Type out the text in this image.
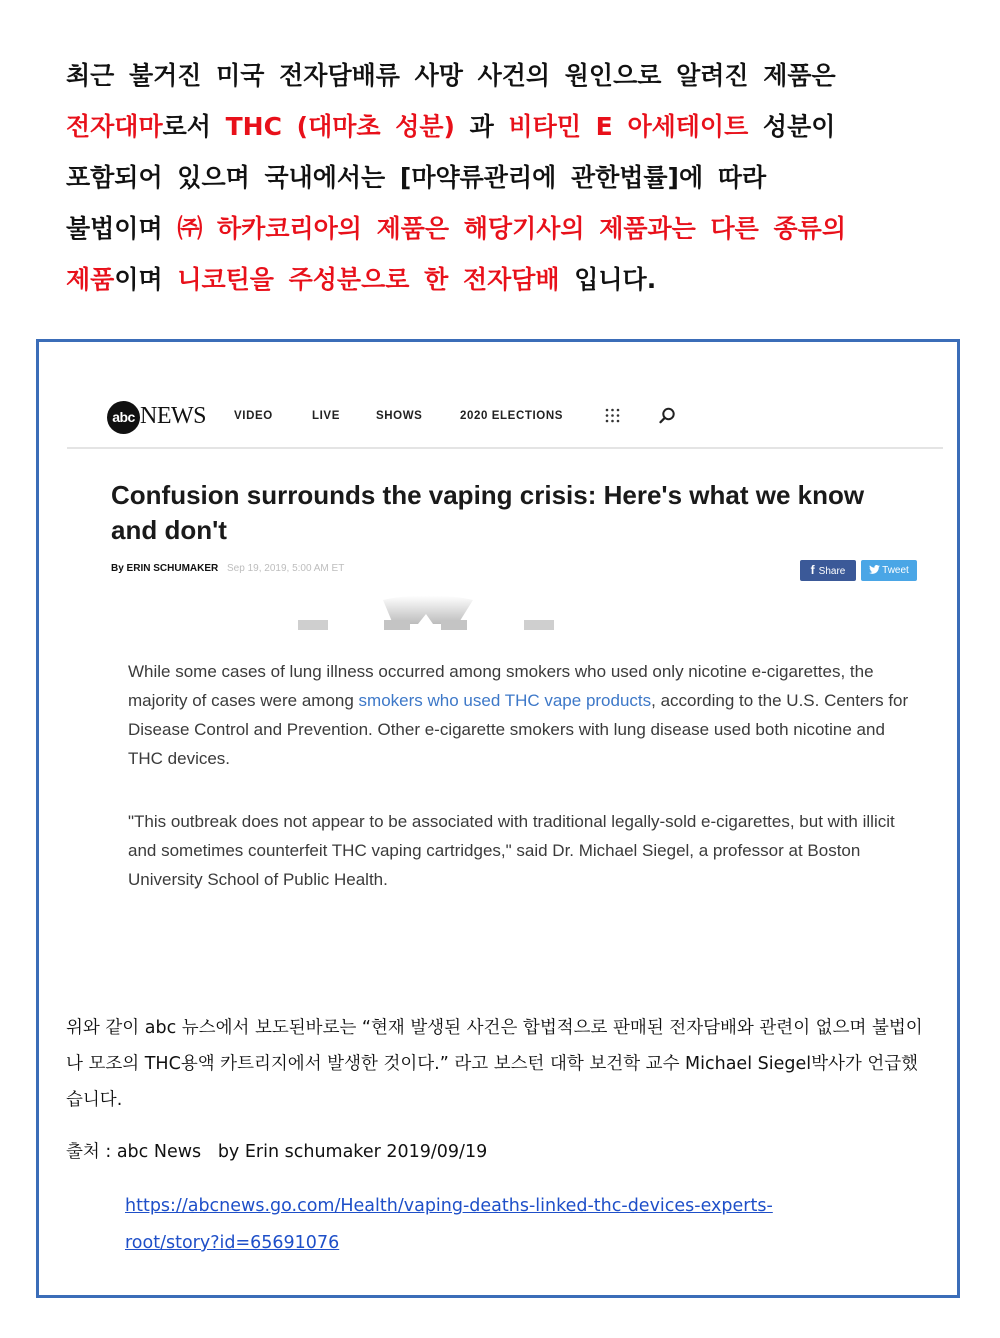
최근 불거진 미국 전자담배류 사망 사건의 원인으로 알려진 제품은
전자대마로서 THC (대마초 성분) 과 비타민 E 아세테이트 성분이
포함되어 있으며 국내에서는 [마약류관리에 관한법률]에 따라
불법이며 ㈜ 하카코리아의 제품은 해당기사의 제품과는 다른 종류의
제품이며 니코틴을 주성분으로 한 전자담배 입니다.
abc NEWS VIDEO	LIVE	SHOWS	2020 ELECTIONS
Confusion surrounds the vaping crisis: Here's what we know and don't
By ERIN SCHUMAKER Sep 19, 2019, 5:00 AM ET	f Share	Tweet

While some cases of lung illness occurred among smokers who used only nicotine e-cigarettes, the majority of cases were among smokers who used THC vape products, according to the U.S. Centers for Disease Control and Prevention. Other e-cigarette smokers with lung disease used both nicotine and THC devices.

"This outbreak does not appear to be associated with traditional legally-sold e-cigarettes, but with illicit and sometimes counterfeit THC vaping cartridges," said Dr. Michael Siegel, a professor at Boston University School of Public Health.

위와 같이 abc 뉴스에서 보도된바로는 “현재 발생된 사건은 합법적으로 판매된 전자담배와 관련이 없으며 불법이나 모조의 THC용액 카트리지에서 발생한 것이다.” 라고 보스턴 대학 보건학 교수 Michael Siegel박사가 언급했습니다.

출처 : abc News   by Erin schumaker 2019/09/19

https://abcnews.go.com/Health/vaping-deaths-linked-thc-devices-experts-root/story?id=65691076
